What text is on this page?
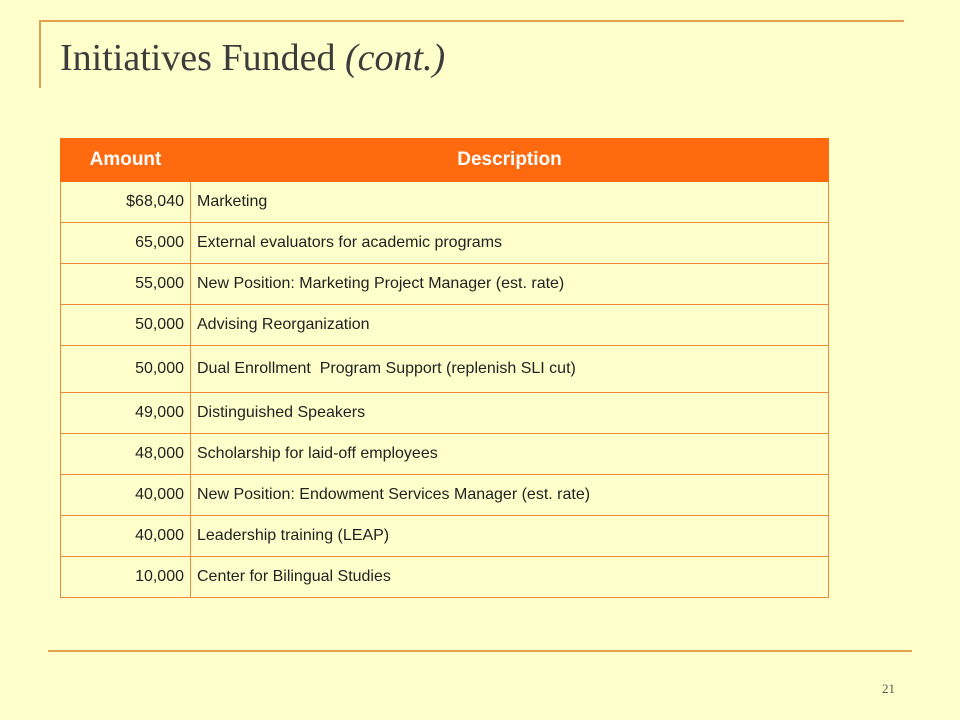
Initiatives Funded (cont.)
Amount	Description
$68,040	Marketing
65,000	External evaluators for academic programs
55,000	New Position: Marketing Project Manager (est. rate)
50,000	Advising Reorganization
50,000	Dual Enrollment  Program Support (replenish SLI cut)
49,000	Distinguished Speakers
48,000	Scholarship for laid-off employees
40,000	New Position: Endowment Services Manager (est. rate)
40,000	Leadership training (LEAP)
10,000	Center for Bilingual Studies
21
